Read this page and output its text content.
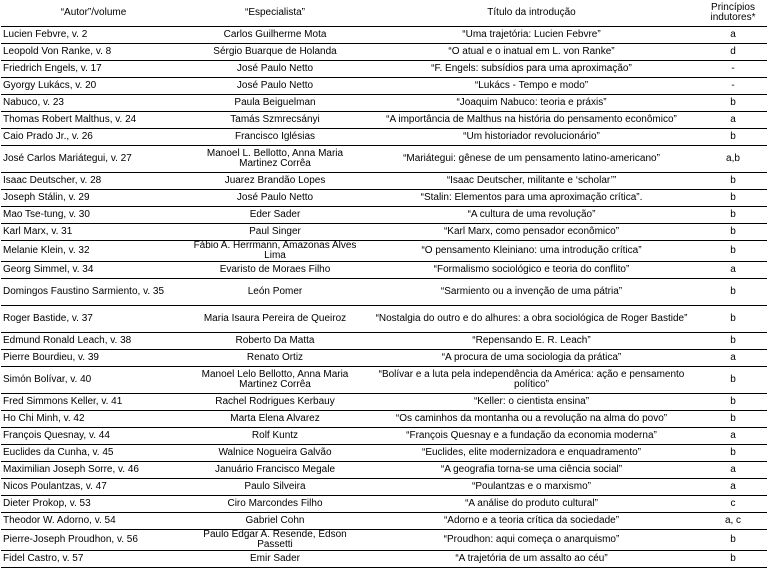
“Autor”/volume	“Especialista”	Título da introdução	Princípios indutores*
Lucien Febvre, v. 2	Carlos Guilherme Mota	“Uma trajetória: Lucien Febvre”	a
Leopold Von Ranke, v. 8	Sérgio Buarque de Holanda	“O atual e o inatual em L. von Ranke”	d
Friedrich Engels, v. 17	José Paulo Netto	“F. Engels: subsídios para uma aproximação”	-
Gyorgy Lukács, v. 20	José Paulo Netto	“Lukács - Tempo e modo”	-
Nabuco, v. 23	Paula Beiguelman	“Joaquim Nabuco: teoria e práxis”	b
Thomas Robert Malthus, v. 24	Tamás Szmrecsányi	“A importância de Malthus na história do pensamento econômico”	a
Caio Prado Jr., v. 26	Francisco Iglésias	“Um historiador revolucionário”	b
José Carlos Mariátegui, v. 27	Manoel L. Bellotto, Anna Maria Martinez Corrêa	“Mariátegui: gênese de um pensamento latino-americano”	a,b
Isaac Deutscher, v. 28	Juarez Brandão Lopes	“Isaac Deutscher, militante e ‘scholar’”	b
Joseph Stálin, v. 29	José Paulo Netto	“Stalin: Elementos para uma aproximação crítica”.	b
Mao Tse-tung, v. 30	Eder Sader	“A cultura de uma revolução”	b
Karl Marx, v. 31	Paul Singer	“Karl Marx, como pensador econômico”	b
Melanie Klein, v. 32	Fábio A. Herrmann, Amazonas Alves Lima	“O pensamento Kleiniano: uma introdução crítica”	b
Georg Simmel, v. 34	Evaristo de Moraes Filho	“Formalismo sociológico e teoria do conflito”	a
Domingos Faustino Sarmiento, v. 35	León Pomer	“Sarmiento ou a invenção de uma pátria”	b
Roger Bastide, v. 37	Maria Isaura Pereira de Queiroz	“Nostalgia do outro e do alhures: a obra sociológica de Roger Bastide”	b
Edmund Ronald Leach, v. 38	Roberto Da Matta	“Repensando E. R. Leach”	b
Pierre Bourdieu, v. 39	Renato Ortiz	“A procura de uma sociologia da prática”	a
Simón Bolívar, v. 40	Manoel Lelo Bellotto, Anna Maria Martinez Corrêa	“Bolívar e a luta pela independência da América: ação e pensamento político”	b
Fred Simmons Keller, v. 41	Rachel Rodrigues Kerbauy	“Keller: o cientista ensina”	b
Ho Chi Minh, v. 42	Marta Elena Alvarez	“Os caminhos da montanha ou a revolução na alma do povo”	b
François Quesnay, v. 44	Rolf Kuntz	“François Quesnay e a fundação da economia moderna”	a
Euclides da Cunha, v. 45	Walnice Nogueira Galvão	“Euclides, elite modernizadora e enquadramento”	b
Maximilian Joseph Sorre, v. 46	Januário Francisco Megale	“A geografia torna-se uma ciência social”	a
Nicos Poulantzas, v. 47	Paulo Silveira	“Poulantzas e o marxismo”	a
Dieter Prokop, v. 53	Ciro Marcondes Filho	“A análise do produto cultural”	c
Theodor W. Adorno, v. 54	Gabriel Cohn	“Adorno e a teoria crítica da sociedade”	a, c
Pierre-Joseph Proudhon, v. 56	Paulo Edgar A. Resende, Edson Passetti	“Proudhon: aqui começa o anarquismo”	b
Fidel Castro, v. 57	Emir Sader	“A trajetória de um assalto ao céu”	b
